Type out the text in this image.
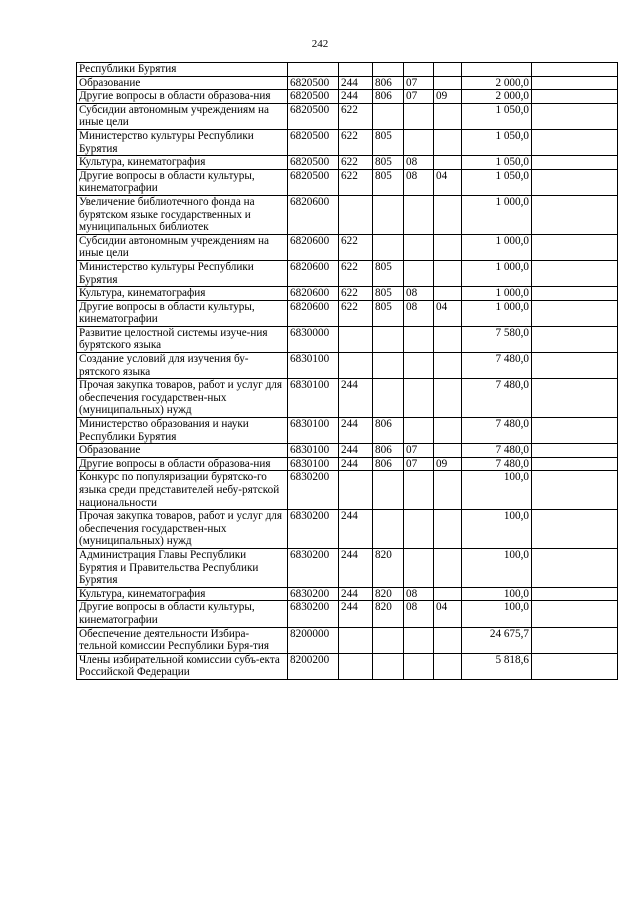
242
Республики Бурятия							
Образование	6820500	244	806	07		2 000,0	
Другие вопросы в области образова-ния	6820500	244	806	07	09	2 000,0	
Субсидии автономным учреждениям на иные цели	6820500	622				1 050,0	
Министерство культуры Республики Бурятия	6820500	622	805			1 050,0	
Культура, кинематография	6820500	622	805	08		1 050,0	
Другие вопросы в области культуры, кинематографии	6820500	622	805	08	04	1 050,0	
Увеличение библиотечного фонда на бурятском языке государственных и муниципальных библиотек	6820600					1 000,0	
Субсидии автономным учреждениям на иные цели	6820600	622				1 000,0	
Министерство культуры Республики Бурятия	6820600	622	805			1 000,0	
Культура, кинематография	6820600	622	805	08		1 000,0	
Другие вопросы в области культуры, кинематографии	6820600	622	805	08	04	1 000,0	
Развитие целостной системы изуче-ния бурятского языка	6830000					7 580,0	
Создание условий для изучения бу-рятского языка	6830100					7 480,0	
Прочая закупка товаров, работ и услуг для обеспечения государствен-ных (муниципальных) нужд	6830100	244				7 480,0	
Министерство образования и науки Республики Бурятия	6830100	244	806			7 480,0	
Образование	6830100	244	806	07		7 480,0	
Другие вопросы в области образова-ния	6830100	244	806	07	09	7 480,0	
Конкурс по популяризации бурятско-го языка среди представителей небу-рятской национальности	6830200					100,0	
Прочая закупка товаров, работ и услуг для обеспечения государствен-ных (муниципальных) нужд	6830200	244				100,0	
Администрация Главы Республики Бурятия и Правительства Республики Бурятия	6830200	244	820			100,0	
Культура, кинематография	6830200	244	820	08		100,0	
Другие вопросы в области культуры, кинематографии	6830200	244	820	08	04	100,0	
Обеспечение деятельности Избира-тельной комиссии Республики Буря-тия	8200000					24 675,7	
Члены избирательной комиссии субъ-екта Российской Федерации	8200200					5 818,6	
